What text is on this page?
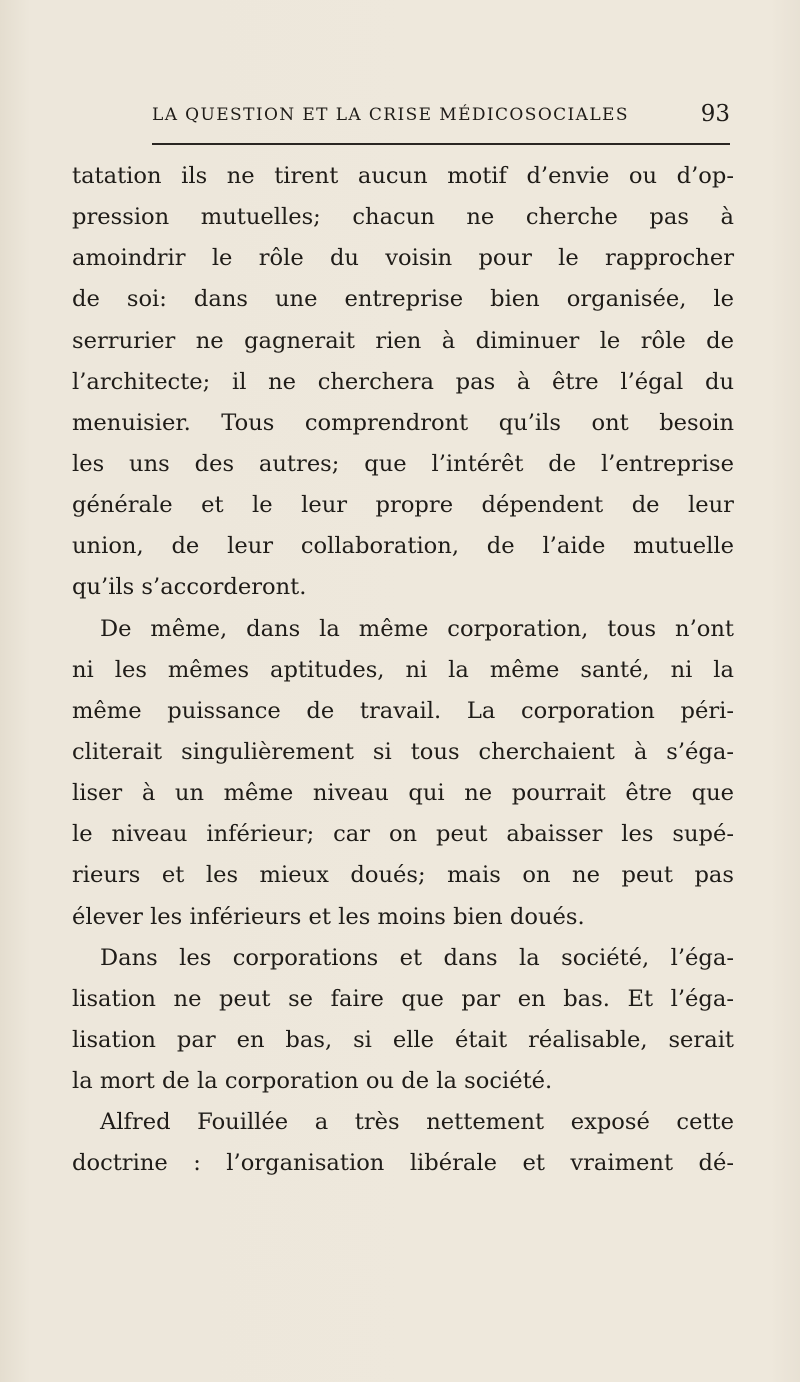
LA QUESTION ET LA CRISE MÉDICOSOCIALES	93
tatation ils ne tirent aucun motif d’envie ou d’op-
pression mutuelles; chacun ne cherche pas à
amoindrir le rôle du voisin pour le rapprocher
de soi: dans une entreprise bien organisée, le
serrurier ne gagnerait rien à diminuer le rôle de
l’architecte; il ne cherchera pas à être l’égal du
menuisier. Tous comprendront qu’ils ont besoin
les uns des autres; que l’intérêt de l’entreprise
générale et le leur propre dépendent de leur
union, de leur collaboration, de l’aide mutuelle
qu’ils s’accorderont.
De même, dans la même corporation, tous n’ont
ni les mêmes aptitudes, ni la même santé, ni la
même puissance de travail. La corporation péri-
cliterait singulièrement si tous cherchaient à s’éga-
liser à un même niveau qui ne pourrait être que
le niveau inférieur; car on peut abaisser les supé-
rieurs et les mieux doués; mais on ne peut pas
élever les inférieurs et les moins bien doués.
Dans les corporations et dans la société, l’éga-
lisation ne peut se faire que par en bas. Et l’éga-
lisation par en bas, si elle était réalisable, serait
la mort de la corporation ou de la société.
Alfred Fouillée a très nettement exposé cette
doctrine : l’organisation libérale et vraiment dé-
